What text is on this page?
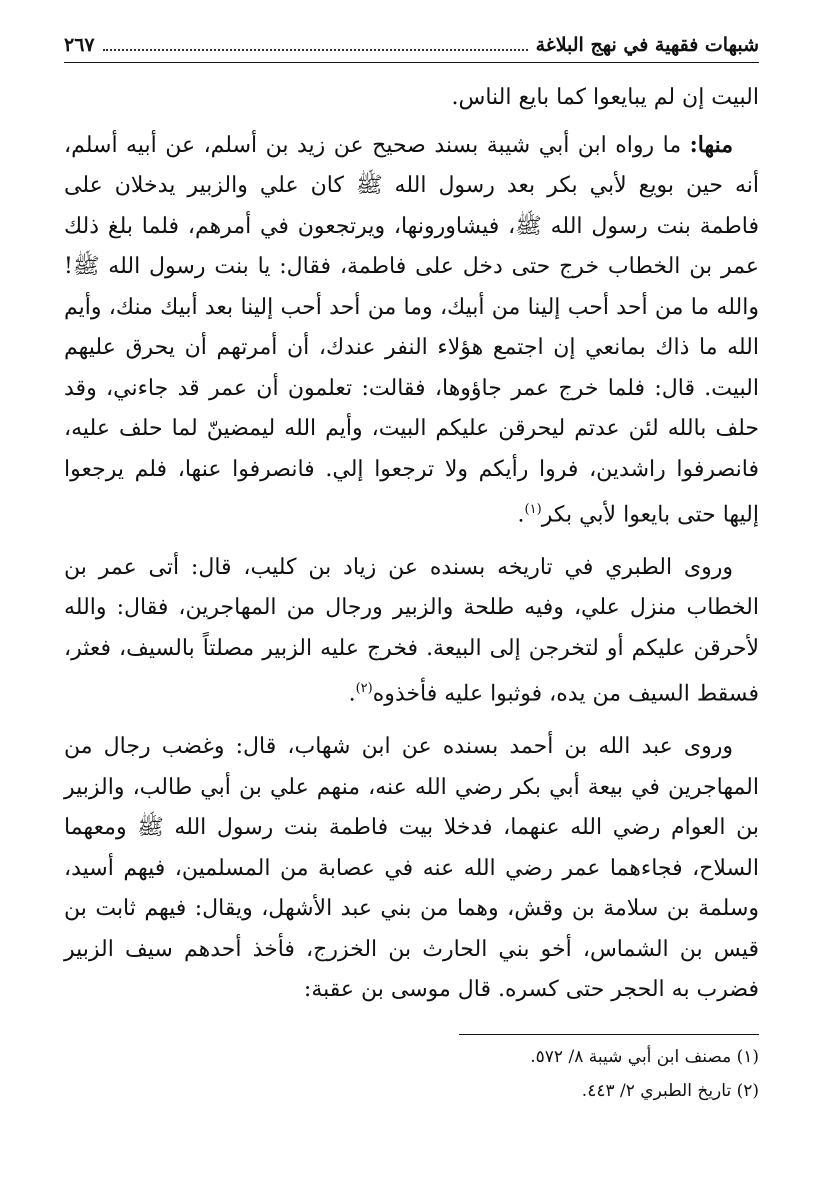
شبهات فقهية في نهج البلاغة
٢٦٧

البيت إن لم يبايعوا كما بايع الناس.

منها: ما رواه ابن أبي شيبة بسند صحيح عن زيد بن أسلم، عن أبيه أسلم، أنه حين بويع لأبي بكر بعد رسول الله ﷺ كان علي والزبير يدخلان على فاطمة بنت رسول الله ﷺ، فيشاورونها، ويرتجعون في أمرهم، فلما بلغ ذلك عمر بن الخطاب خرج حتى دخل على فاطمة، فقال: يا بنت رسول الله ﷺ! والله ما من أحد أحب إلينا من أبيك، وما من أحد أحب إلينا بعد أبيك منك، وأيم الله ما ذاك بمانعي إن اجتمع هؤلاء النفر عندك، أن أمرتهم أن يحرق عليهم البيت. قال: فلما خرج عمر جاؤوها، فقالت: تعلمون أن عمر قد جاءني، وقد حلف بالله لئن عدتم ليحرقن عليكم البيت، وأيم الله ليمضينّ لما حلف عليه، فانصرفوا راشدين، فروا رأيكم ولا ترجعوا إلي. فانصرفوا عنها، فلم يرجعوا إليها حتى بايعوا لأبي بكر$^{(١)}$.

وروى الطبري في تاريخه بسنده عن زياد بن كليب، قال: أتى عمر بن الخطاب منزل علي، وفيه طلحة والزبير ورجال من المهاجرين، فقال: والله لأحرقن عليكم أو لتخرجن إلى البيعة. فخرج عليه الزبير مصلتاً بالسيف، فعثر، فسقط السيف من يده، فوثبوا عليه فأخذوه$^{(٢)}$.

وروى عبد الله بن أحمد بسنده عن ابن شهاب، قال: وغضب رجال من المهاجرين في بيعة أبي بكر رضي الله عنه، منهم علي بن أبي طالب، والزبير بن العوام رضي الله عنهما، فدخلا بيت فاطمة بنت رسول الله ﷺ ومعهما السلاح، فجاءهما عمر رضي الله عنه في عصابة من المسلمين، فيهم أسيد، وسلمة بن سلامة بن وقش، وهما من بني عبد الأشهل، ويقال: فيهم ثابت بن قيس بن الشماس، أخو بني الحارث بن الخزرج، فأخذ أحدهم سيف الزبير فضرب به الحجر حتى كسره. قال موسى بن عقبة:

(١) مصنف ابن أبي شيبة ٨/ ٥٧٢.
(٢) تاريخ الطبري ٢/ ٤٤٣.
